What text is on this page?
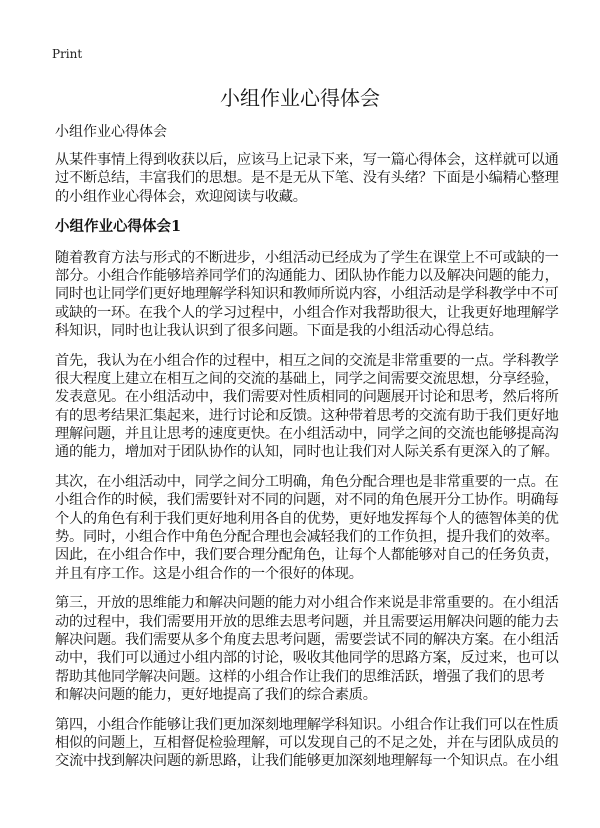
Print
小组作业心得体会
小组作业心得体会
从某件事情上得到收获以后，应该马上记录下来，写一篇心得体会，这样就可以通
过不断总结，丰富我们的思想。是不是无从下笔、没有头绪？下面是小编精心整理
的小组作业心得体会，欢迎阅读与收藏。
小组作业心得体会1
随着教育方法与形式的不断进步，小组活动已经成为了学生在课堂上不可或缺的一
部分。小组合作能够培养同学们的沟通能力、团队协作能力以及解决问题的能力，
同时也让同学们更好地理解学科知识和教师所说内容，小组活动是学科教学中不可
或缺的一环。在我个人的学习过程中，小组合作对我帮助很大，让我更好地理解学
科知识，同时也让我认识到了很多问题。下面是我的小组活动心得总结。
首先，我认为在小组合作的过程中，相互之间的交流是非常重要的一点。学科教学
很大程度上建立在相互之间的交流的基础上，同学之间需要交流思想，分享经验，
发表意见。在小组活动中，我们需要对性质相同的问题展开讨论和思考，然后将所
有的思考结果汇集起来，进行讨论和反馈。这种带着思考的交流有助于我们更好地
理解问题，并且让思考的速度更快。在小组活动中，同学之间的交流也能够提高沟
通的能力，增加对于团队协作的认知，同时也让我们对人际关系有更深入的了解。
其次，在小组活动中，同学之间分工明确，角色分配合理也是非常重要的一点。在
小组合作的时候，我们需要针对不同的问题，对不同的角色展开分工协作。明确每
个人的角色有利于我们更好地利用各自的优势，更好地发挥每个人的德智体美的优
势。同时，小组合作中角色分配合理也会减轻我们的工作负担，提升我们的效率。
因此，在小组合作中，我们要合理分配角色，让每个人都能够对自己的任务负责，
并且有序工作。这是小组合作的一个很好的体现。
第三，开放的思维能力和解决问题的能力对小组合作来说是非常重要的。在小组活
动的过程中，我们需要用开放的思维去思考问题，并且需要运用解决问题的能力去
解决问题。我们需要从多个角度去思考问题，需要尝试不同的解决方案。在小组活
动中，我们可以通过小组内部的讨论，吸收其他同学的思路方案，反过来，也可以
帮助其他同学解决问题。这样的小组合作让我们的思维活跃，增强了我们的思考
和解决问题的能力，更好地提高了我们的综合素质。
第四，小组合作能够让我们更加深刻地理解学科知识。小组合作让我们可以在性质
相似的问题上，互相督促检验理解，可以发现自己的不足之处，并在与团队成员的
交流中找到解决问题的新思路，让我们能够更加深刻地理解每一个知识点。在小组
